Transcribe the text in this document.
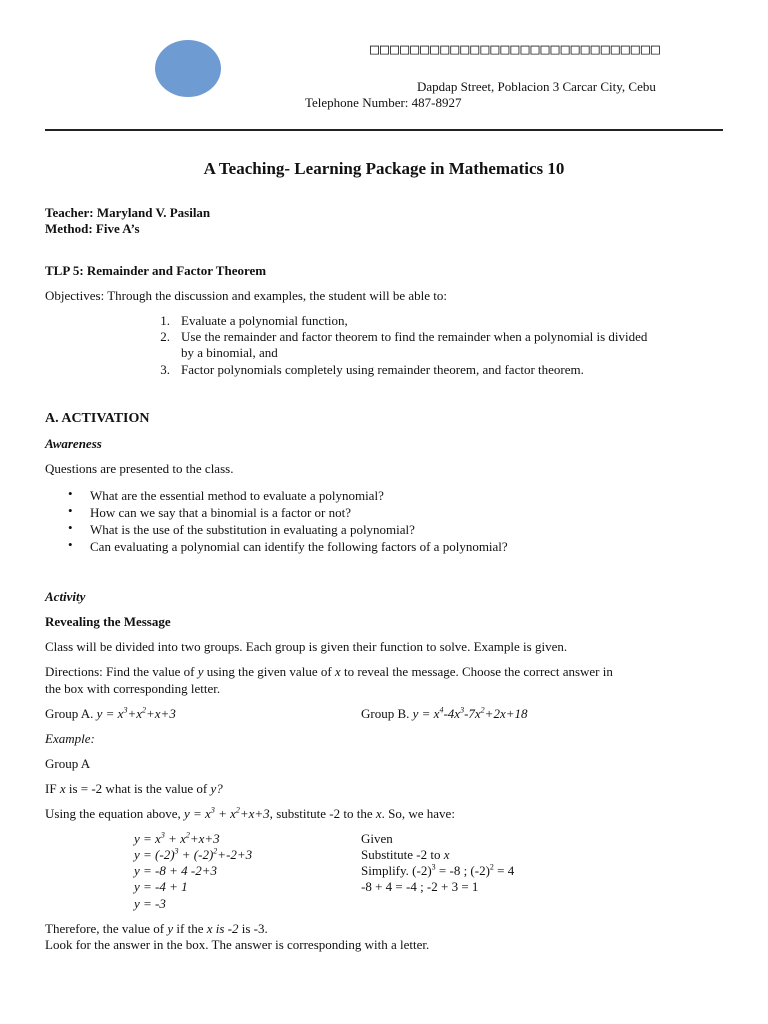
□□□□□□□□□□□□□□□□□□□□□□□□□□□□□
Dapdap Street, Poblacion 3 Carcar City, Cebu
Telephone Number: 487-8927
A Teaching- Learning Package in Mathematics 10
Teacher: Maryland V. Pasilan
Method: Five A’s
TLP 5: Remainder and Factor Theorem
Objectives: Through the discussion and examples, the student will be able to:
1. Evaluate a polynomial function,
2. Use the remainder and factor theorem to find the remainder when a polynomial is divided
by a binomial, and
3. Factor polynomials completely using remainder theorem, and factor theorem.
A. ACTIVATION
Awareness
Questions are presented to the class.
• What are the essential method to evaluate a polynomial?
• How can we say that a binomial is a factor or not?
• What is the use of the substitution in evaluating a polynomial?
• Can evaluating a polynomial can identify the following factors of a polynomial?
Activity
Revealing the Message
Class will be divided into two groups. Each group is given their function to solve. Example is given.
Directions: Find the value of y using the given value of x to reveal the message. Choose the correct answer in
the box with corresponding letter.
Group A. $y = x^3+x^2+x+3$	Group B. $y = x^4-4x^3-7x^2+2x+18$
Example:
Group A
IF x is = -2 what is the value of y?
Using the equation above, $y = x^3 + x^2+x+3$, substitute -2 to the x. So, we have:
$y = x^3 + x^2+x+3$	Given
$y = (-2)^3 + (-2)^2+-2+3$	Substitute -2 to x
y = -8 + 4 -2+3	Simplify. $(-2)^3 = -8$ ; $(-2)^2 = 4$
y = -4 + 1	-8 + 4 = -4 ; -2 + 3 = 1
y = -3
Therefore, the value of y if the x is -2 is -3.
Look for the answer in the box. The answer is corresponding with a letter.
